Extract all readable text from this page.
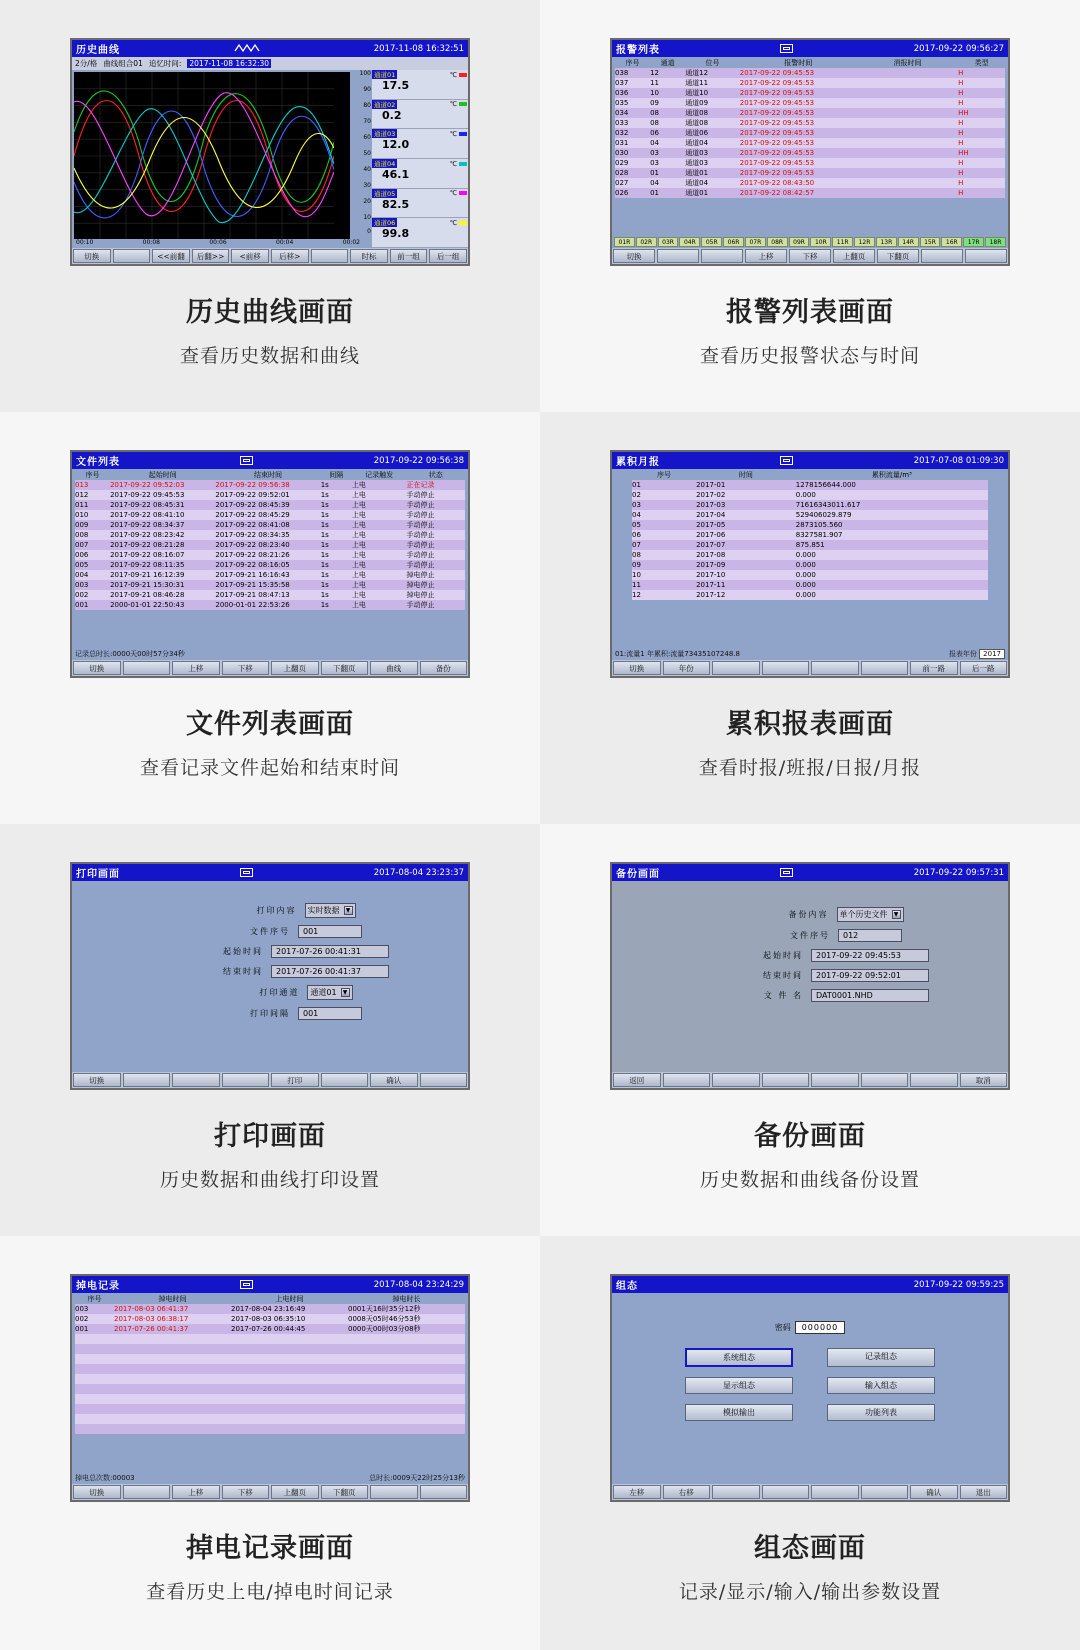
历史曲线	2017-11-08 16:32:51
2分/格 曲线组合01 追忆时间: 2017-11-08 16:32:30
100
90
80
70
60
50
40
30
20
10
0
通道01	℃
17.5
通道02	℃
0.2
通道03	℃
12.0
通道04	℃
46.1
通道05	℃
82.5
通道06	℃
99.8
00:10	00:08	00:06	00:04	00:02
切换	<<前翻	后翻>>	<前移	后移>	时标	前一组	后一组
历史曲线画面
查看历史数据和曲线
报警列表	2017-09-22 09:56:27
序号	通道	位号	报警时间	消报时间	类型
038	12	通道12	2017-09-22 09:45:53		H
037	11	通道11	2017-09-22 09:45:53		H
036	10	通道10	2017-09-22 09:45:53		H
035	09	通道09	2017-09-22 09:45:53		H
034	08	通道08	2017-09-22 09:45:53		HH
033	08	通道08	2017-09-22 09:45:53		H
032	06	通道06	2017-09-22 09:45:53		H
031	04	通道04	2017-09-22 09:45:53		H
030	03	通道03	2017-09-22 09:45:53		HH
029	03	通道03	2017-09-22 09:45:53		H
028	01	通道01	2017-09-22 09:45:53		H
027	04	通道04	2017-09-22 08:43:50		H
026	01	通道01	2017-09-22 08:42:57		H
01R	02R	03R	04R	05R	06R	07R	08R	09R	10R	11R	12R	13R	14R	15R	16R	17R	18R
切换	上移	下移	上翻页	下翻页
报警列表画面
查看历史报警状态与时间
文件列表	2017-09-22 09:56:38
序号	起始时间	结束时间	间隔	记录触发	状态
013	2017-09-22 09:52:03	2017-09-22 09:56:38	1s	上电	正在记录
012	2017-09-22 09:45:53	2017-09-22 09:52:01	1s	上电	手动停止
011	2017-09-22 08:45:31	2017-09-22 08:45:39	1s	上电	手动停止
010	2017-09-22 08:41:10	2017-09-22 08:45:29	1s	上电	手动停止
009	2017-09-22 08:34:37	2017-09-22 08:41:08	1s	上电	手动停止
008	2017-09-22 08:23:42	2017-09-22 08:34:35	1s	上电	手动停止
007	2017-09-22 08:21:28	2017-09-22 08:23:40	1s	上电	手动停止
006	2017-09-22 08:16:07	2017-09-22 08:21:26	1s	上电	手动停止
005	2017-09-22 08:11:35	2017-09-22 08:16:05	1s	上电	手动停止
004	2017-09-21 16:12:39	2017-09-21 16:16:43	1s	上电	掉电停止
003	2017-09-21 15:30:31	2017-09-21 15:35:58	1s	上电	掉电停止
002	2017-09-21 08:46:28	2017-09-21 08:47:13	1s	上电	掉电停止
001	2000-01-01 22:50:43	2000-01-01 22:53:26	1s	上电	手动停止
记录总时长:0000天00时57分34秒
切换	上移	下移	上翻页	下翻页	曲线	备份
文件列表画面
查看记录文件起始和结束时间
累积月报	2017-07-08 01:09:30
序号	时间	累积流量/m³
01	2017-01	1278156644.000
02	2017-02	0.000
03	2017-03	71616343011.617
04	2017-04	529406029.879
05	2017-05	2873105.560
06	2017-06	8327581.907
07	2017-07	875.851
08	2017-08	0.000
09	2017-09	0.000
10	2017-10	0.000
11	2017-11	0.000
12	2017-12	0.000
01:流量1 年累积:流量73435107248.8	报表年份 2017
切换	年份	前一路	后一路
累积报表画面
查看时报/班报/日报/月报
打印画面	2017-08-04 23:23:37
打印内容	实时数据	▼
文件序号	001
起始时间	2017-07-26 00:41:31
结束时间	2017-07-26 00:41:37
打印通道	通道01	▼
打印间隔	001
切换	打印	确认
打印画面
历史数据和曲线打印设置
备份画面	2017-09-22 09:57:31
备份内容	单个历史文件	▼
文件序号	012
起始时间	2017-09-22 09:45:53
结束时间	2017-09-22 09:52:01
文 件 名	DAT0001.NHD
返回	取消
备份画面
历史数据和曲线备份设置
掉电记录	2017-08-04 23:24:29
序号	掉电时间	上电时间	掉电时长
003	2017-08-03 06:41:37	2017-08-04 23:16:49	0001天16时35分12秒
002	2017-08-03 06:38:17	2017-08-03 06:35:10	0008天05时46分53秒
001	2017-07-26 00:41:37	2017-07-26 00:44:45	0000天00时03分08秒

掉电总次数:00003	总时长:0009天22时25分13秒
切换	上移	下移	上翻页	下翻页
掉电记录画面
查看历史上电/掉电时间记录
组态	2017-09-22 09:59:25
密码	000000
系统组态	记录组态
显示组态	输入组态
模拟输出	功能列表
左移	右移	确认	退出
组态画面
记录/显示/输入/输出参数设置
